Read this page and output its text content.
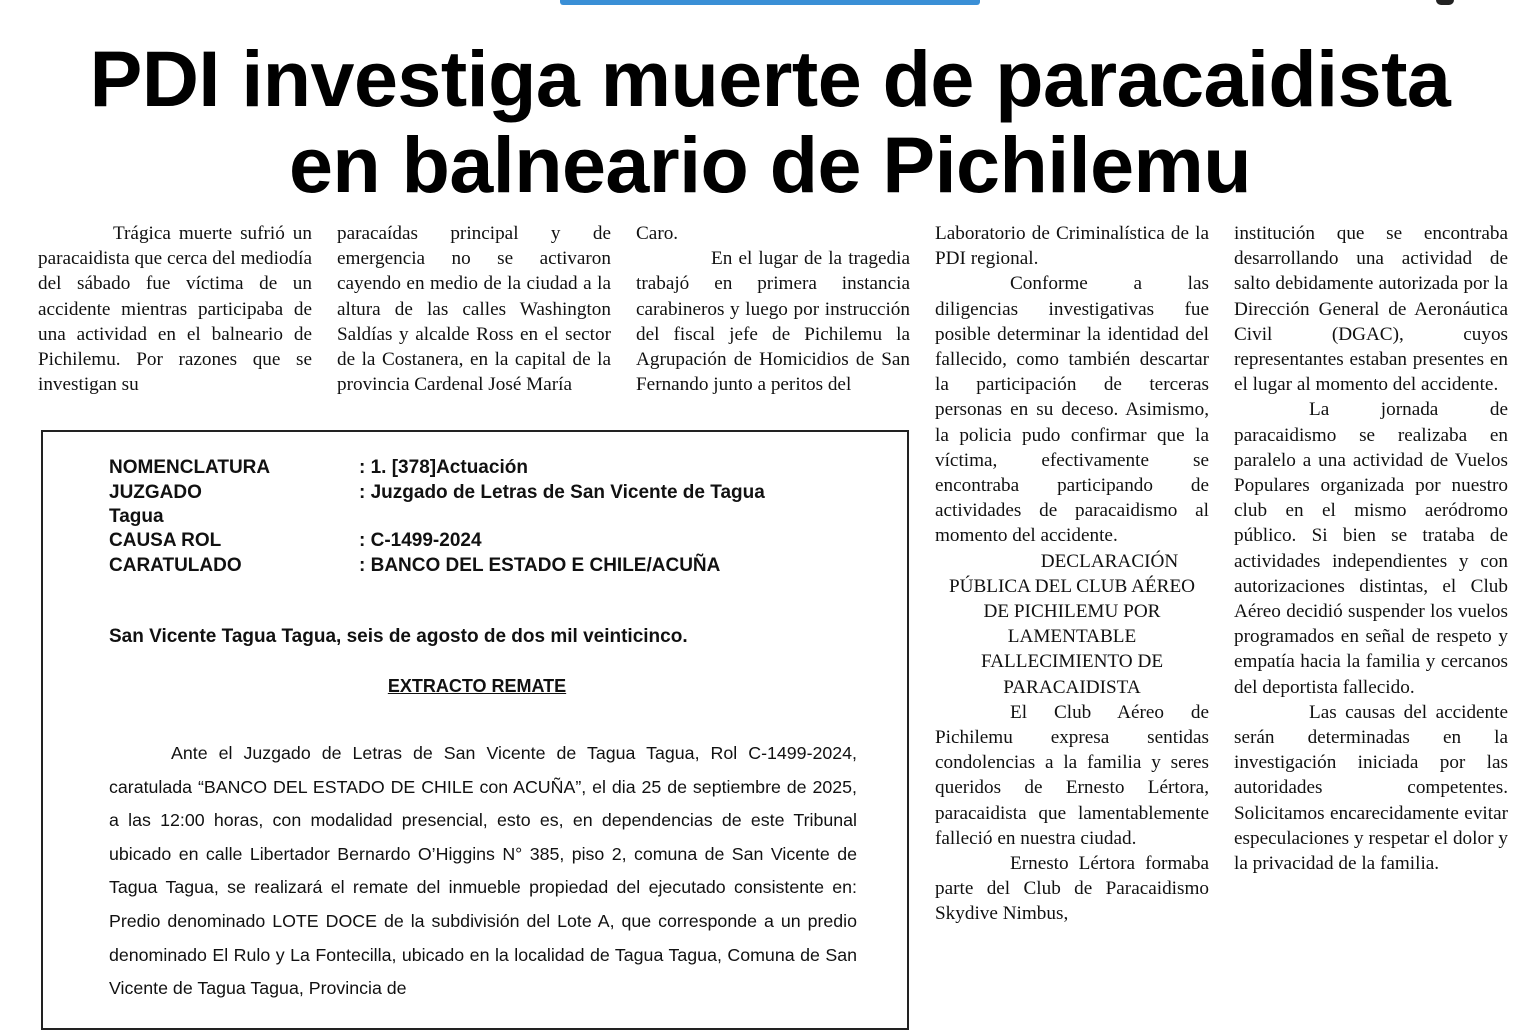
PDI investiga muerte de paracaidista
en balneario de Pichilemu

Trágica muerte sufrió un paracaidista que cerca del mediodía del sábado fue víctima de un accidente mientras participaba de una actividad en el balneario de Pichilemu. Por razones que se investigan su

paracaídas principal y de emergencia no se activaron cayendo en medio de la ciudad a la altura de las calles Washington Saldías y alcalde Ross en el sector de la Costanera, en la capital de la provincia Cardenal José María

Caro.

En el lugar de la tragedia trabajó en primera instancia carabineros y luego por instrucción del fiscal jefe de Pichilemu la Agrupación de Homicidios de San Fernando junto a peritos del

Laboratorio de Criminalística de la PDI regional.

Conforme a las diligencias investigativas fue posible determinar la identidad del fallecido, como también descartar la participación de terceras personas en su deceso. Asimismo, la policia pudo confirmar que la víctima, efectivamente se encontraba participando de actividades de paracaidismo al momento del accidente.

DECLARACIÓN PÚBLICA DEL CLUB AÉREO DE PICHILEMU POR LAMENTABLE FALLECIMIENTO DE PARACAIDISTA

El Club Aéreo de Pichilemu expresa sentidas condolencias a la familia y seres queridos de Ernesto Lértora, paracaidista que lamentablemente falleció en nuestra ciudad.

Ernesto Lértora formaba parte del Club de Paracaidismo Skydive Nimbus,

institución que se encontraba desarrollando una actividad de salto debidamente autorizada por la Dirección General de Aeronáutica Civil (DGAC), cuyos representantes estaban presentes en el lugar al momento del accidente.

La jornada de paracaidismo se realizaba en paralelo a una actividad de Vuelos Populares organizada por nuestro club en el mismo aeródromo público. Si bien se trataba de actividades independientes y con autorizaciones distintas, el Club Aéreo decidió suspender los vuelos programados en señal de respeto y empatía hacia la familia y cercanos del deportista fallecido.

Las causas del accidente serán determinadas en la investigación iniciada por las autoridades competentes. Solicitamos encarecidamente evitar especulaciones y respetar el dolor y la privacidad de la familia.

NOMENCLATURA	: 1. [378]Actuación
JUZGADO	: Juzgado de Letras de San Vicente de Tagua
Tagua
CAUSA ROL	: C-1499-2024
CARATULADO	: BANCO DEL ESTADO E CHILE/ACUÑA
San Vicente Tagua Tagua, seis de agosto de dos mil veinticinco.
EXTRACTO REMATE

Ante el Juzgado de Letras de San Vicente de Tagua Tagua, Rol C-1499-2024, caratulada “BANCO DEL ESTADO DE CHILE con ACUÑA”, el dia 25 de septiembre de 2025, a las 12:00 horas, con modalidad presencial, esto es, en dependencias de este Tribunal ubicado en calle Libertador Bernardo O’Higgins N° 385, piso 2, comuna de San Vicente de Tagua Tagua, se realizará el remate del inmueble propiedad del ejecutado consistente en: Predio denominado LOTE DOCE de la subdivisión del Lote A, que corresponde a un predio denominado El Rulo y La Fontecilla, ubicado en la localidad de Tagua Tagua, Comuna de San Vicente de Tagua Tagua, Provincia de
